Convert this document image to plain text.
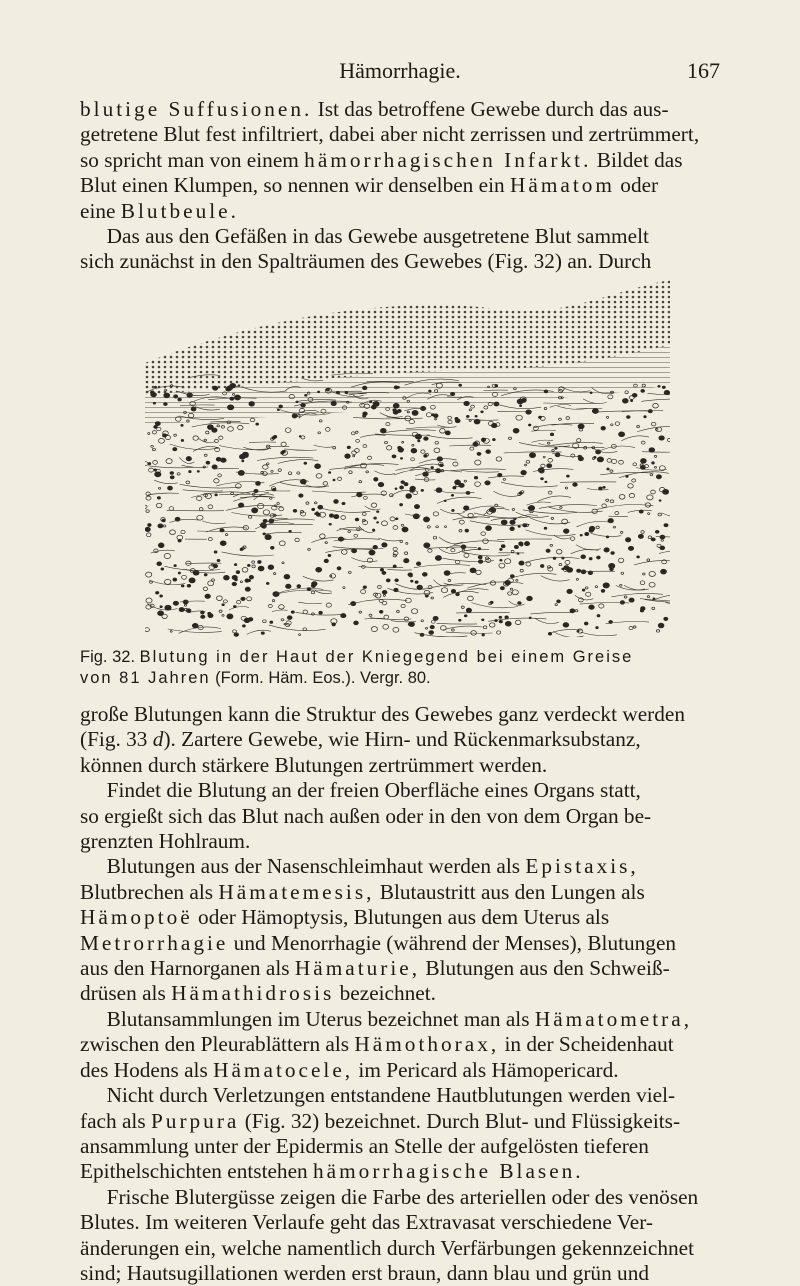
Hämorrhagie.	167
blutige Suffusionen. Ist das betroffene Gewebe durch das aus-
getretene Blut fest infiltriert, dabei aber nicht zerrissen und zertrümmert,
so spricht man von einem hämorrhagischen Infarkt. Bildet das
Blut einen Klumpen, so nennen wir denselben ein Hämatom oder
eine Blutbeule.
Das aus den Gefäßen in das Gewebe ausgetretene Blut sammelt
sich zunächst in den Spalträumen des Gewebes (Fig. 32) an. Durch
Fig. 32. Blutung in der Haut der Kniegegend bei einem Greise
von 81 Jahren (Form. Häm. Eos.). Vergr. 80.
große Blutungen kann die Struktur des Gewebes ganz verdeckt werden
(Fig. 33 d). Zartere Gewebe, wie Hirn- und Rückenmarksubstanz,
können durch stärkere Blutungen zertrümmert werden.
Findet die Blutung an der freien Oberfläche eines Organs statt,
so ergießt sich das Blut nach außen oder in den von dem Organ be-
grenzten Hohlraum.
Blutungen aus der Nasenschleimhaut werden als Epistaxis,
Blutbrechen als Hämatemesis, Blutaustritt aus den Lungen als
Hämoptoë oder Hämoptysis, Blutungen aus dem Uterus als
Metrorrhagie und Menorrhagie (während der Menses), Blutungen
aus den Harnorganen als Hämaturie, Blutungen aus den Schweiß-
drüsen als Hämathidrosis bezeichnet.
Blutansammlungen im Uterus bezeichnet man als Hämatometra,
zwischen den Pleurablättern als Hämothorax, in der Scheidenhaut
des Hodens als Hämatocele, im Pericard als Hämopericard.
Nicht durch Verletzungen entstandene Hautblutungen werden viel-
fach als Purpura (Fig. 32) bezeichnet. Durch Blut- und Flüssigkeits-
ansammlung unter der Epidermis an Stelle der aufgelösten tieferen
Epithelschichten entstehen hämorrhagische Blasen.
Frische Blutergüsse zeigen die Farbe des arteriellen oder des venösen
Blutes. Im weiteren Verlaufe geht das Extravasat verschiedene Ver-
änderungen ein, welche namentlich durch Verfärbungen gekennzeichnet
sind; Hautsugillationen werden erst braun, dann blau und grün und
